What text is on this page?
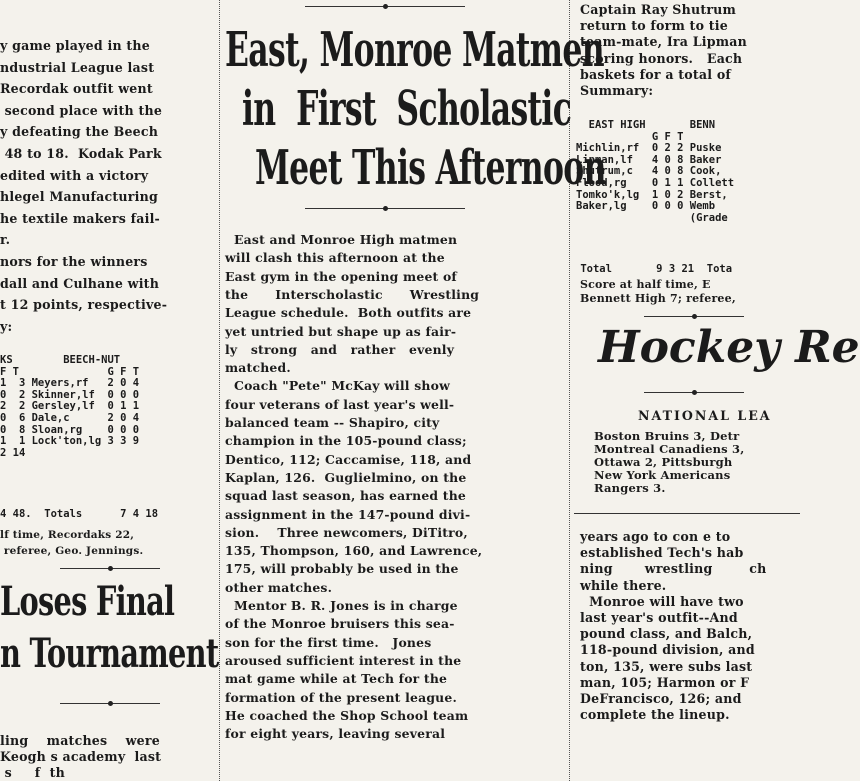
y game played in the
ndustrial League last
Recordak outfit went
second place with the
y defeating the Beech
48 to 18.  Kodak Park
edited with a victory
hlegel Manufacturing
he textile makers fail-
r.
nors for the winners
dall and Culhane with
t 12 points, respective-
y:
KS        BEECH-NUT
F T              G F T
1  3 Meyers,rf   2 0 4
0  2 Skinner,lf  0 0 0
2  2 Gersley,lf  0 1 1
0  6 Dale,c      2 0 4
0  8 Sloan,rg    0 0 0
1  1 Lock'ton,lg 3 3 9
2 14
4 48.  Totals      7 4 18
lf time, Recordaks 22,
referee, Geo. Jennings.
Loses Final
n Tournament
ling    matches    were
Keogh s academy  last
s     f  th
East, Monroe Matmen
in  First  Scholastic
Meet This Afternoon
East and Monroe High matmen
will clash this afternoon at the
East gym in the opening meet of
the      Interscholastic      Wrestling
League schedule.  Both outfits are
yet untried but shape up as fair-
ly   strong   and   rather   evenly
matched.
Coach "Pete" McKay will show
four veterans of last year's well-
balanced team -- Shapiro, city
champion in the 105-pound class;
Dentico, 112; Caccamise, 118, and
Kaplan, 126.  Guglielmino, on the
squad last season, has earned the
assignment in the 147-pound divi-
sion.    Three newcomers, DiTitro,
135, Thompson, 160, and Lawrence,
175, will probably be used in the
other matches.
Mentor B. R. Jones is in charge
of the Monroe bruisers this sea-
son for the first time.   Jones
aroused sufficient interest in the
mat game while at Tech for the
formation of the present league.
He coached the Shop School team
for eight years, leaving several
Captain Ray Shutrum
return to form to tie
team-mate, Ira Lipman
scoring honors.   Each
baskets for a total of
Summary:
EAST HIGH       BENN
G F T
Michlin,rf  0 2 2 Puske
Lipman,lf   4 0 8 Baker
Shutrum,c   4 0 8 Cook,
Flood,rg    0 1 1 Collett
Tomko'k,lg  1 0 2 Berst,
Baker,lg    0 0 0 Wemb
(Grade
Total       9 3 21  Tota
Score at half time, E
Bennett High 7; referee,
Hockey Re
NATIONAL LEA
Boston Bruins 3, Detr
Montreal Canadiens 3,
Ottawa 2, Pittsburgh
New York Americans
Rangers 3.
years ago to con e to
established Tech's hab
ning       wrestling        ch
while there.
Monroe will have two
last year's outfit--And
pound class, and Balch,
118-pound division, and
ton, 135, were subs last
man, 105; Harmon or F
DeFrancisco, 126; and
complete the lineup.
